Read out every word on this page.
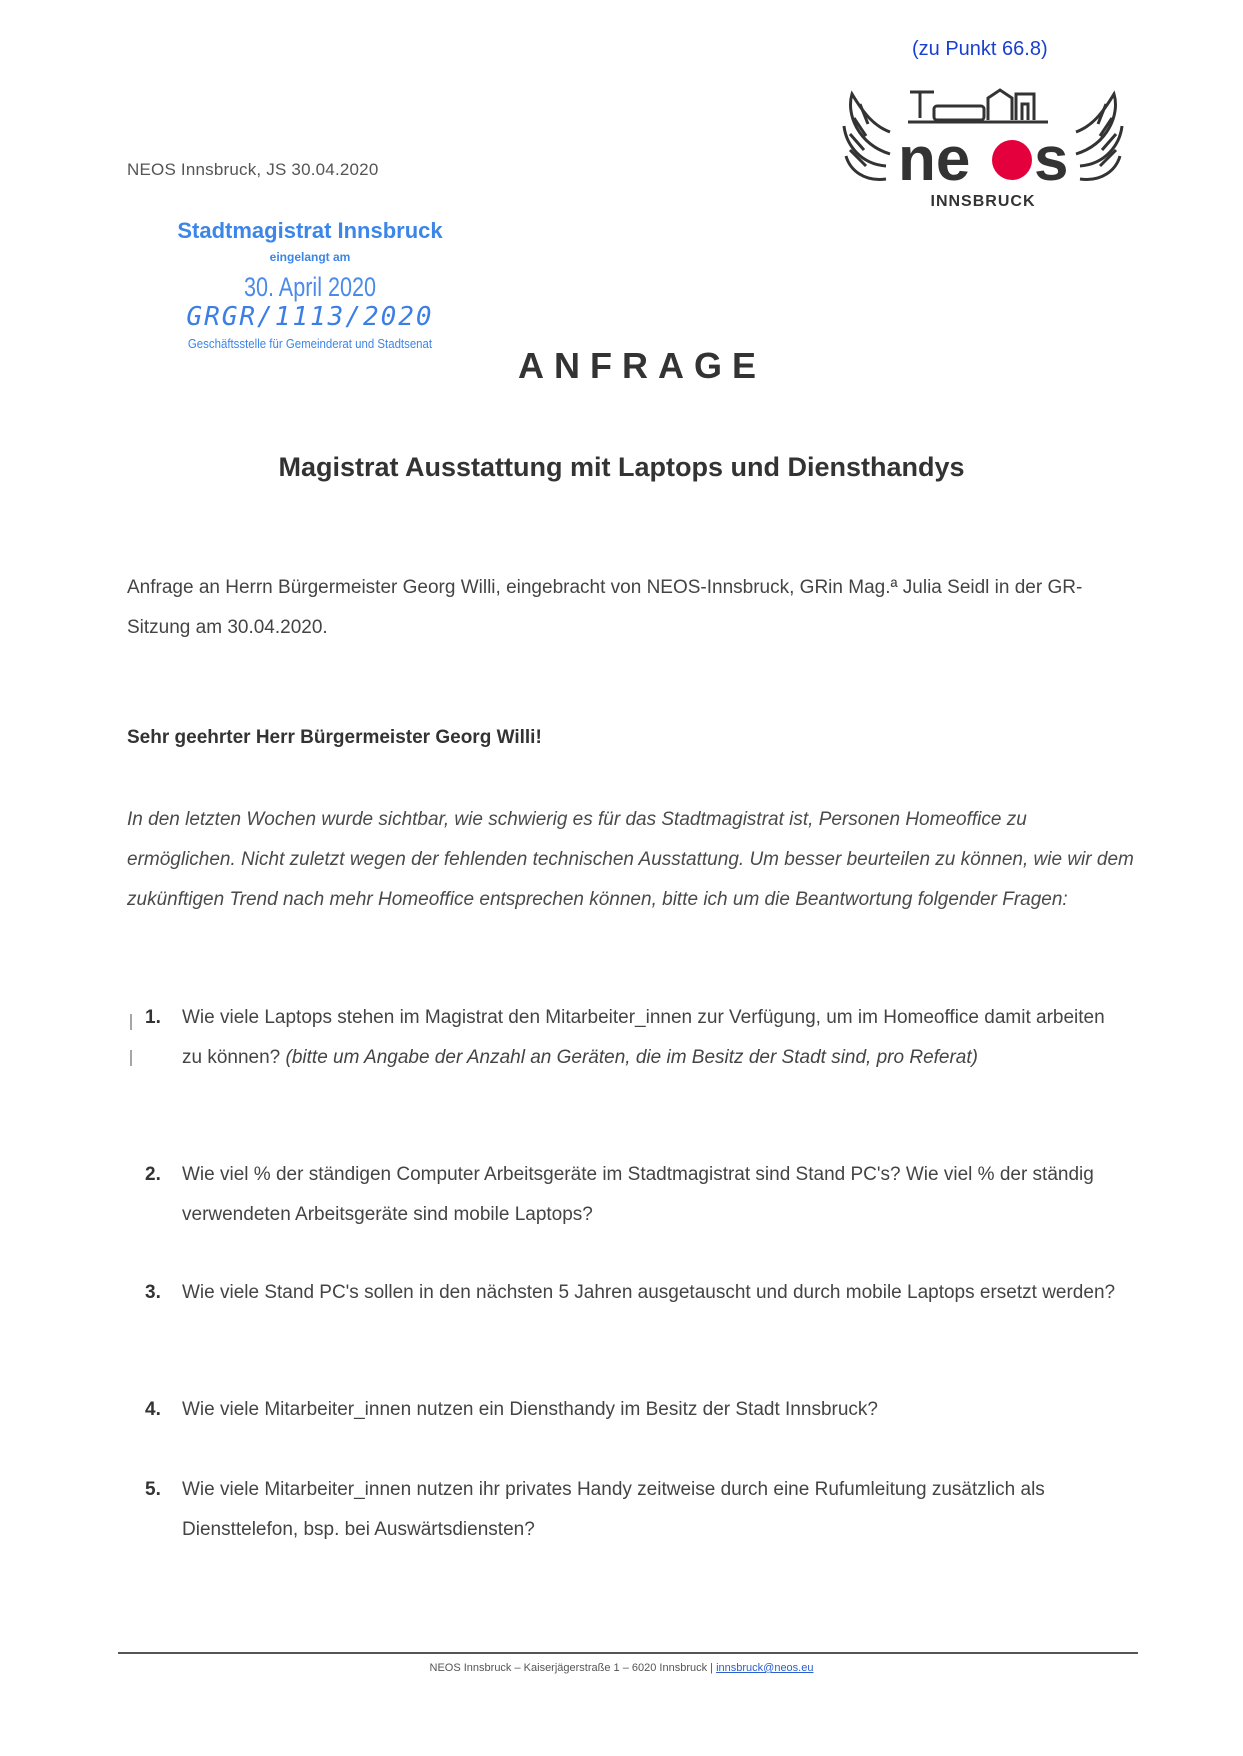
(zu Punkt 66.8)
ne s
INNSBRUCK
NEOS Innsbruck, JS 30.04.2020
Stadtmagistrat Innsbruck
eingelangt am
30. April 2020
GRGR/1113/2020
Geschäftsstelle für Gemeinderat und Stadtsenat
ANFRAGE
Magistrat Ausstattung mit Laptops und Diensthandys
Anfrage an Herrn Bürgermeister Georg Willi, eingebracht von NEOS-Innsbruck, GRin Mag.ª Julia Seidl in der GR-Sitzung am 30.04.2020.
Sehr geehrter Herr Bürgermeister Georg Willi!
In den letzten Wochen wurde sichtbar, wie schwierig es für das Stadtmagistrat ist, Personen Homeoffice zu ermöglichen. Nicht zuletzt wegen der fehlenden technischen Ausstattung. Um besser beurteilen zu können, wie wir dem zukünftigen Trend nach mehr Homeoffice entsprechen können, bitte ich um die Beantwortung folgender Fragen:
1. Wie viele Laptops stehen im Magistrat den Mitarbeiter_innen zur Verfügung, um im Homeoffice damit arbeiten zu können? (bitte um Angabe der Anzahl an Geräten, die im Besitz der Stadt sind, pro Referat)
2. Wie viel % der ständigen Computer Arbeitsgeräte im Stadtmagistrat sind Stand PC's? Wie viel % der ständig verwendeten Arbeitsgeräte sind mobile Laptops?
3. Wie viele Stand PC's sollen in den nächsten 5 Jahren ausgetauscht und durch mobile Laptops ersetzt werden?
4. Wie viele Mitarbeiter_innen nutzen ein Diensthandy im Besitz der Stadt Innsbruck?
5. Wie viele Mitarbeiter_innen nutzen ihr privates Handy zeitweise durch eine Rufumleitung zusätzlich als Diensttelefon, bsp. bei Auswärtsdiensten?
NEOS Innsbruck – Kaiserjägerstraße 1 – 6020 Innsbruck | innsbruck@neos.eu
